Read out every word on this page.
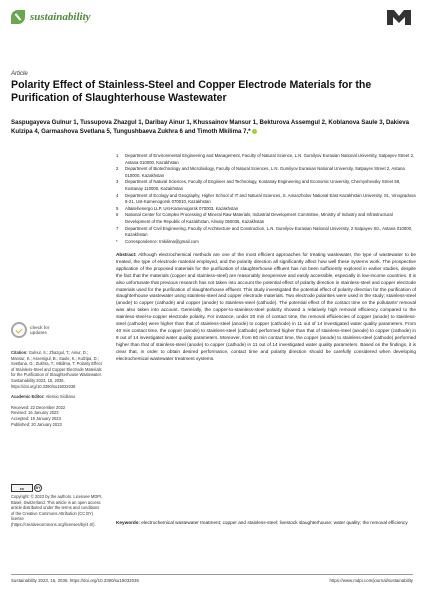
sustainability
Article
Polarity Effect of Stainless-Steel and Copper Electrode Materials for the Purification of Slaughterhouse Wastewater
Saspugayeva Gulnur 1, Tussupova Zhazgul 1, Daribay Ainur 1, Khussainov Mansur 1, Bekturova Assemgul 2, Koblanova Saule 3, Dakieva Kulzipa 4, Garmashova Svetlana 5, Tungushbaeva Zukhra 6 and Timoth Mkilima 7,*
1 Department of Environmental Engineering and Management, Faculty of Natural Science, L.N. Gumilyov Eurasian National University, Satpayev Street 2, Astana 010000, Kazakhstan
2 Department of Biotechnology and Microbiology, Faculty of Natural Sciences, L.N. Gumilyov Eurasian National University, Satpayev Street 2, Astana 010000, Kazakhstan
3 Department of Natural Sciences, Faculty of Engineer and Technology, Kostanay Engineering and Economic University, Chernyshevsky Street 59, Kostanay 110000, Kazakhstan
4 Department of Ecology and Geography, Higher School of IT and Natural Sciences, S. Amanzholov National East Kazakhstan University, St., Vinogradova 8-21, Ust-Kamenogorsk 070010, Kazakhstan
5 Altaitehenergo LLP, Ust-Kamenogorsk 070003, Kazakhstan
6 National Center for Complex Processing of Mineral Raw Materials, Industrial Development Committee, Ministry of Industry and Infrastructural Development of the Republic of Kazakhstan, Almaty 050036, Kazakhstan
7 Department of Civil Engineering, Faculty of Architecture and Construction, L.N. Gumilyov Eurasian National University, 2 Satpayev Str., Astana 010000, Kazakhstan
* Correspondence: tmkilima@gmail.com
check for updates
Citation: Gulnur, S.; Zhazgul, T.; Ainur, D.; Mansur, K.; Assemgul, B.; Saule, K.; Kulzipa, D.; Svetlana, G.; Zukhra, T.; Mkilima, T. Polarity Effect of Stainless-Steel and Copper Electrode Materials for the Purification of Slaughterhouse Wastewater. Sustainability 2023, 15, 2036. https://doi.org/10.3390/su15032036
Academic Editor: Alessio Siciliano
Received: 22 December 2022
Revised: 16 January 2023
Accepted: 19 January 2023
Published: 20 January 2023
cc	BY
Copyright: © 2023 by the authors. Licensee MDPI, Basel, Switzerland. This article is an open access article distributed under the terms and conditions of the Creative Commons Attribution (CC BY) license (https://creativecommons.org/licenses/by/4.0/).
Abstract: Although electrochemical methods are one of the most efficient approaches for treating wastewater, the type of wastewater to be treated, the type of electrode material employed, and the polarity direction all significantly affect how well these systems work. The prospective application of the proposed materials for the purification of slaughterhouse effluent has not been sufficiently explored in earlier studies, despite the fact that the materials (copper and stainless-steel) are reasonably inexpensive and easily accessible, especially in low-income countries. It is also unfortunate that previous research has not taken into account the potential effect of polarity direction in stainless-steel and copper electrode materials used for the purification of slaughterhouse effluent. This study investigated the potential effect of polarity direction for the purification of slaughterhouse wastewater using stainless-steel and copper electrode materials. Two electrode polarities were used in the study; stainless-steel (anode) to copper (cathode) and copper (anode) to stainless-steel (cathode). The potential effect of the contact time on the pollutants' removal was also taken into account. Generally, the copper-to-stainless-steel polarity showed a relatively high removal efficiency compared to the stainless-steel-to-copper electrode polarity. For instance, under 20 min of contact time, the removal efficiencies of copper (anode) to stainless-steel (cathode) were higher than that of stainless-steel (anode) to copper (cathode) in 11 out of 14 investigated water quality parameters. From 40 min contact time, the copper (anode) to stainless-steel (cathode) performed higher than that of stainless-steel (anode) to copper (cathode) in 8 out of 14 investigated water quality parameters. Moreover, from 60 min contact time, the copper (anode) to stainless-steel (cathode) performed higher than that of stainless-steel (anode) to copper (cathode) in 11 out of 14 investigated water quality parameters. Based on the findings, it is clear that, in order to obtain desired performance, contact time and polarity direction should be carefully considered when developing electrochemical wastewater treatment systems.
Keywords: electrochemical wastewater treatment; copper and stainless-steel; livestock slaughterhouse; water quality; the removal efficiency
Sustainability 2023, 15, 2036. https://doi.org/10.3390/su15032036	https://www.mdpi.com/journal/sustainability
